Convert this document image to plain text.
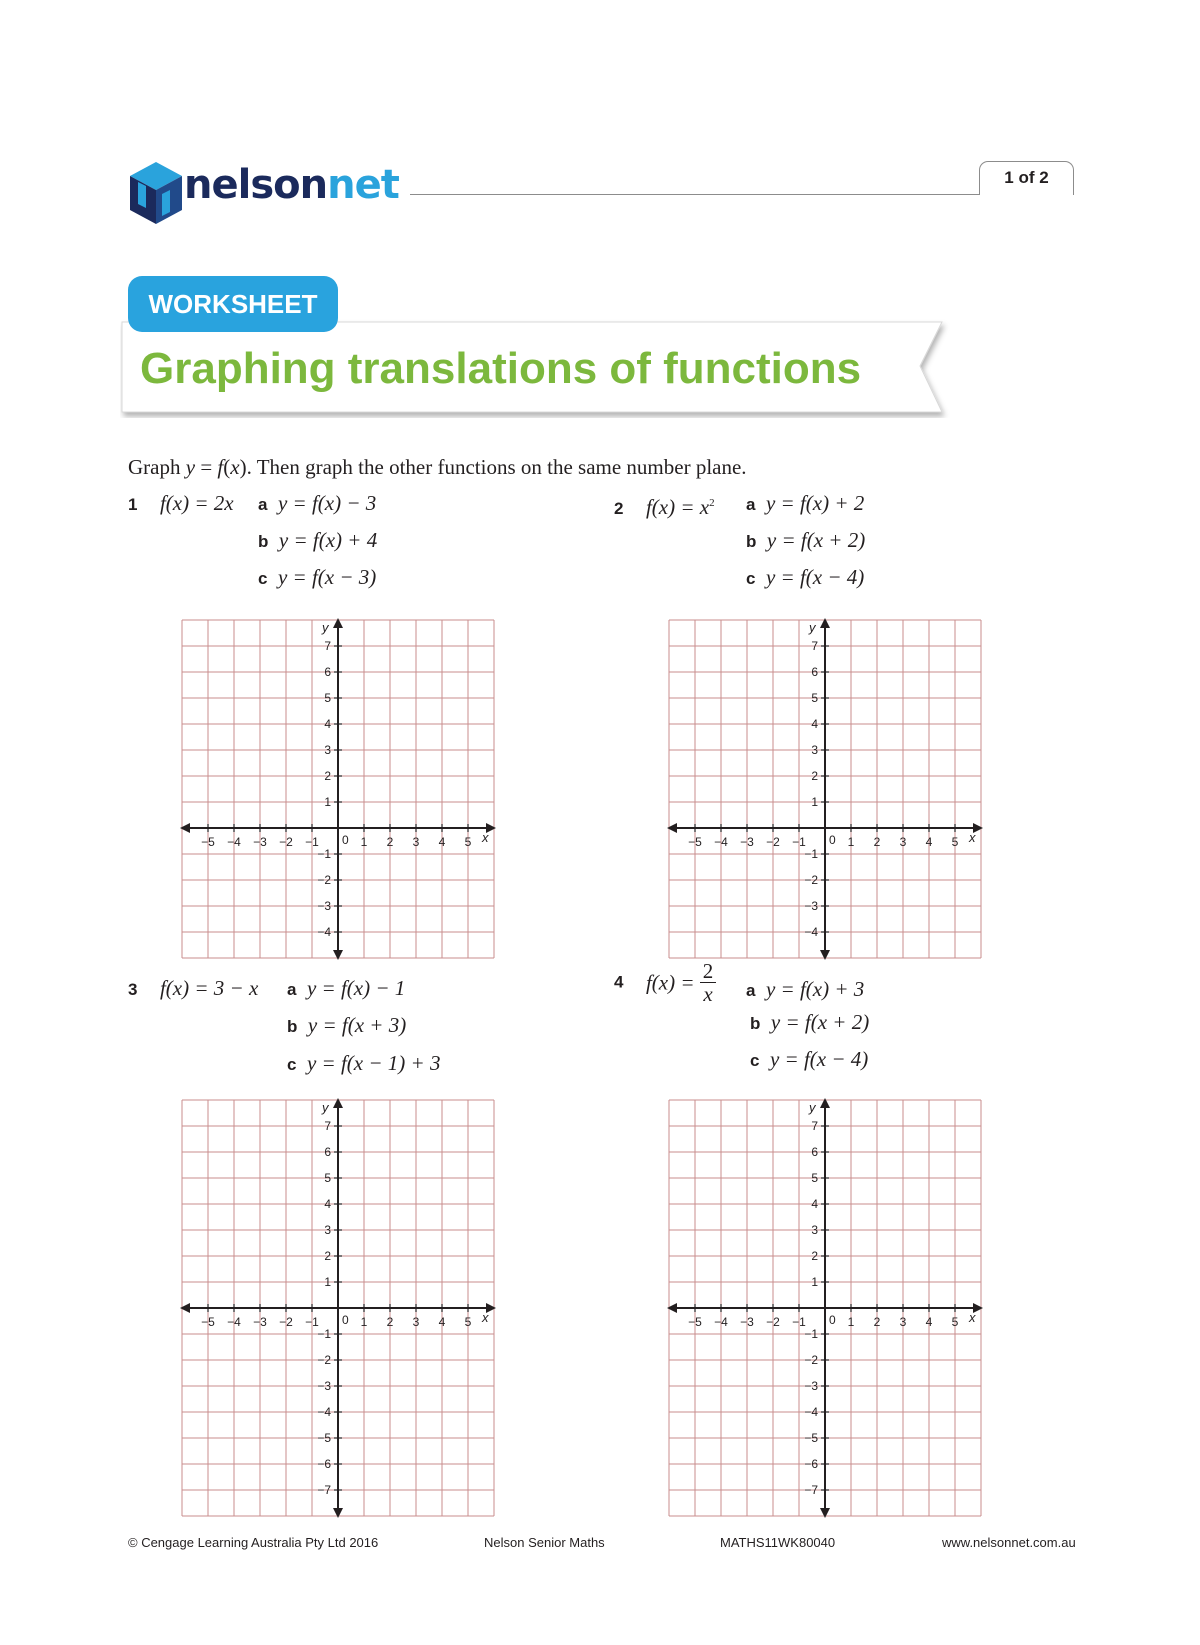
nelsonnet	1 of 2
WORKSHEET
Graphing translations of functions
Graph y = f(x). Then graph the other functions on the same number plane.
1 f(x) = 2x a y = f(x) − 3
b y = f(x) + 4
c y = f(x − 3)
2 $f(x) = x^2$ a y = f(x) + 2
b y = f(x + 2)
c y = f(x − 4)
3 f(x) = 3 − x a y = f(x) − 1
b y = f(x + 3)
c y = f(x − 1) + 3
4 $f(x) = \frac{2}{x}$ a y = f(x) + 3
b y = f(x + 2)
c y = f(x − 4)
−5 −4 −3 −2 −1	1 2 3 4 5
7
6
5
4
3
2
1
−1
−2
−3
−4
0	x
y
−5 −4 −3 −2 −1	1 2 3 4 5
7
6
5
4
3
2
1
−1
−2
−3
−4
0	x
y
−5 −4 −3 −2 −1	1 2 3 4 5
7
6
5
4
3
2
1
−1
−2
−3
−4
−5
−6
−7
0	x
y
−5 −4 −3 −2 −1	1 2 3 4 5
7
6
5
4
3
2
1
−1
−2
−3
−4
−5
−6
−7
0	x
y
© Cengage Learning Australia Pty Ltd 2016	Nelson Senior Maths	MATHS11WK80040	www.nelsonnet.com.au
